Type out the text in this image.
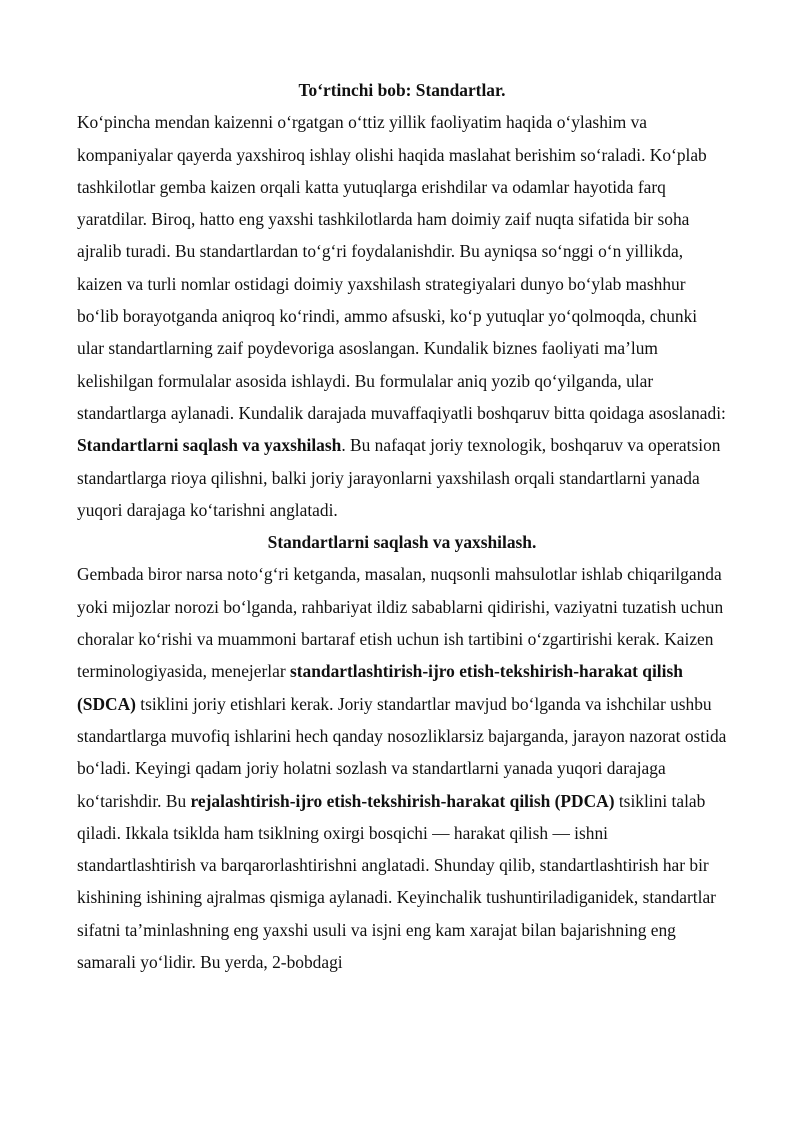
To‘rtinchi bob: Standartlar.

Ko‘pincha mendan kaizenni o‘rgatgan o‘ttiz yillik faoliyatim haqida o‘ylashim va kompaniyalar qayerda yaxshiroq ishlay olishi haqida maslahat berishim so‘raladi. Ko‘plab tashkilotlar gemba kaizen orqali katta yutuqlarga erishdilar va odamlar hayotida farq yaratdilar. Biroq, hatto eng yaxshi tashkilotlarda ham doimiy zaif nuqta sifatida bir soha ajralib turadi. Bu standartlardan to‘g‘ri foydalanishdir. Bu ayniqsa so‘nggi o‘n yillikda, kaizen va turli nomlar ostidagi doimiy yaxshilash strategiyalari dunyo bo‘ylab mashhur bo‘lib borayotganda aniqroq ko‘rindi, ammo afsuski, ko‘p yutuqlar yo‘qolmoqda, chunki ular standartlarning zaif poydevoriga asoslangan. Kundalik biznes faoliyati ma’lum kelishilgan formulalar asosida ishlaydi. Bu formulalar aniq yozib qo‘yilganda, ular standartlarga aylanadi. Kundalik darajada muvaffaqiyatli boshqaruv bitta qoidaga asoslanadi: Standartlarni saqlash va yaxshilash. Bu nafaqat joriy texnologik, boshqaruv va operatsion standartlarga rioya qilishni, balki joriy jarayonlarni yaxshilash orqali standartlarni yanada yuqori darajaga ko‘tarishni anglatadi.

Standartlarni saqlash va yaxshilash.

Gembada biror narsa noto‘g‘ri ketganda, masalan, nuqsonli mahsulotlar ishlab chiqarilganda yoki mijozlar norozi bo‘lganda, rahbariyat ildiz sabablarni qidirishi, vaziyatni tuzatish uchun choralar ko‘rishi va muammoni bartaraf etish uchun ish tartibini o‘zgartirishi kerak. Kaizen terminologiyasida, menejerlar standartlashtirish-ijro etish-tekshirish-harakat qilish (SDCA) tsiklini joriy etishlari kerak. Joriy standartlar mavjud bo‘lganda va ishchilar ushbu standartlarga muvofiq ishlarini hech qanday nosozliklarsiz bajarganda, jarayon nazorat ostida bo‘ladi. Keyingi qadam joriy holatni sozlash va standartlarni yanada yuqori darajaga ko‘tarishdir. Bu rejalashtirish-ijro etish-tekshirish-harakat qilish (PDCA) tsiklini talab qiladi. Ikkala tsiklda ham tsiklning oxirgi bosqichi — harakat qilish — ishni standartlashtirish va barqarorlashtirishni anglatadi. Shunday qilib, standartlashtirish har bir kishining ishining ajralmas qismiga aylanadi. Keyinchalik tushuntiriladiganidek, standartlar sifatni ta’minlashning eng yaxshi usuli va isjni eng kam xarajat bilan bajarishning eng samarali yo‘lidir. Bu yerda, 2-bobdagi
